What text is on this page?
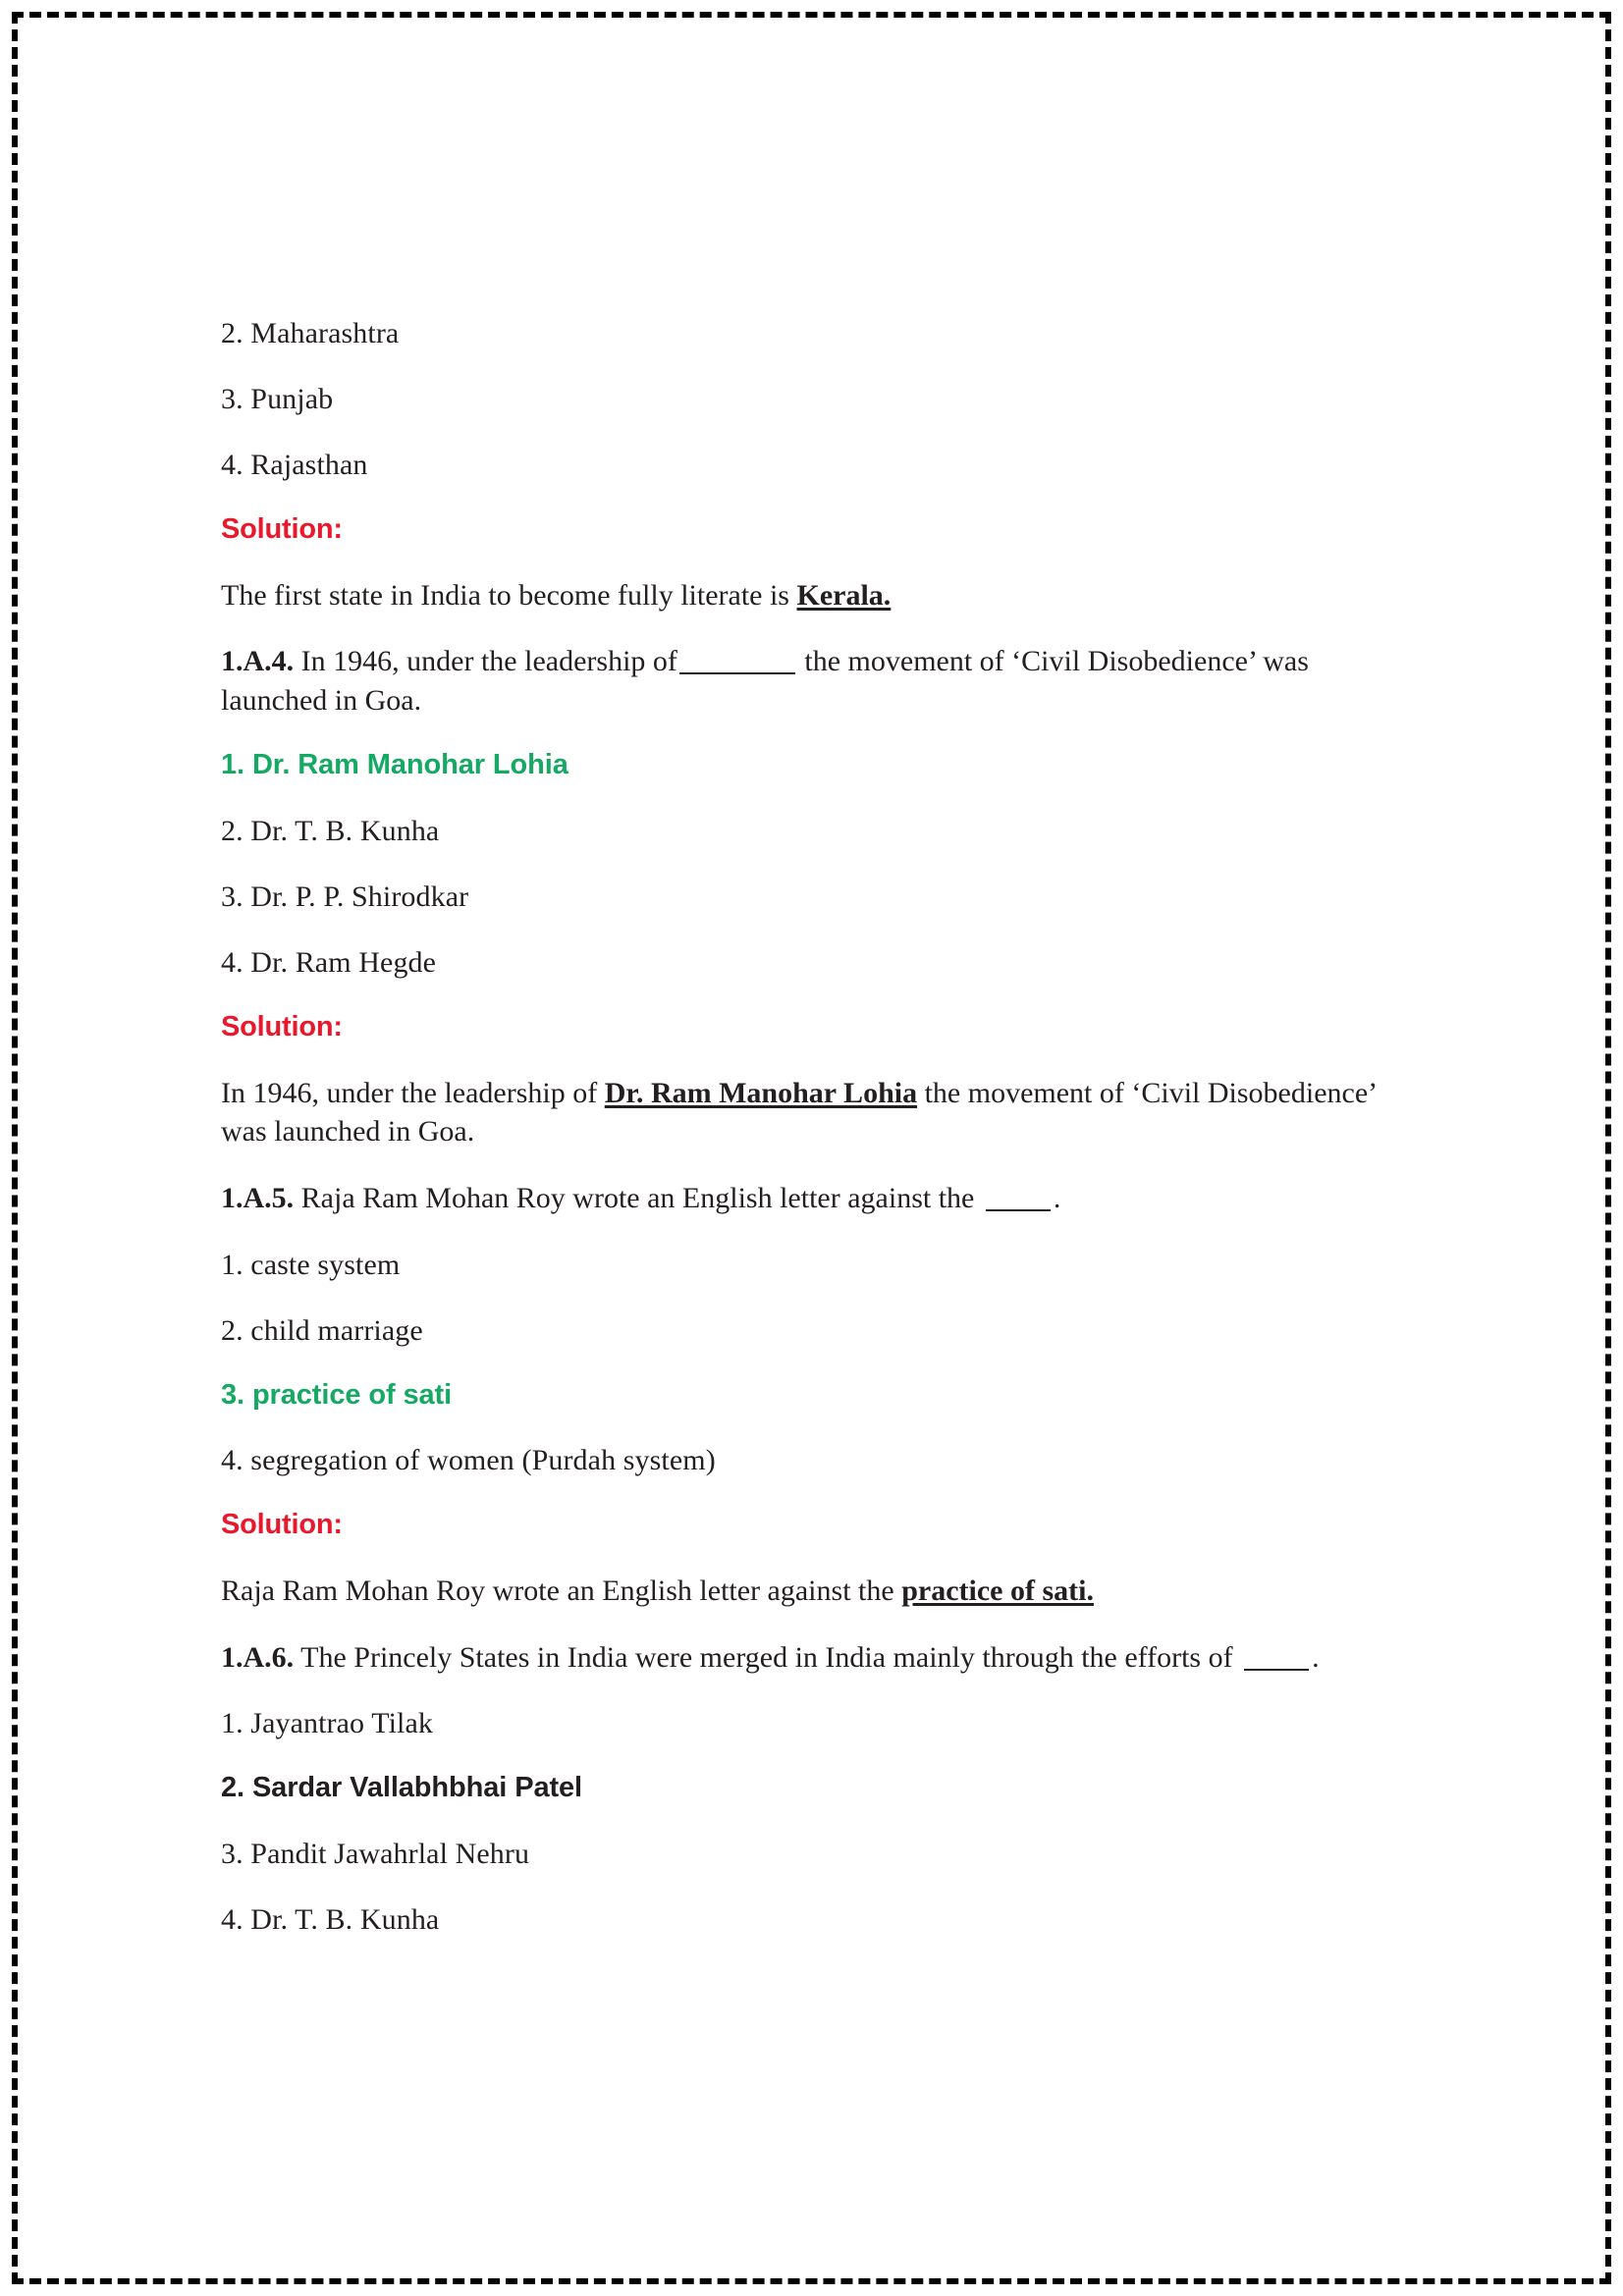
2. Maharashtra

3. Punjab

4. Rajasthan

Solution:

The first state in India to become fully literate is Kerala.

1.A.4. In 1946, under the leadership of	the movement of ‘Civil Disobedience’ was launched in Goa.

1. Dr. Ram Manohar Lohia

2. Dr. T. B. Kunha

3. Dr. P. P. Shirodkar

4. Dr. Ram Hegde

Solution:

In 1946, under the leadership of Dr. Ram Manohar Lohia the movement of ‘Civil Disobedience’ was launched in Goa.

1.A.5. Raja Ram Mohan Roy wrote an English letter against the .

1. caste system

2. child marriage

3. practice of sati

4. segregation of women (Purdah system)

Solution:

Raja Ram Mohan Roy wrote an English letter against the practice of sati.

1.A.6. The Princely States in India were merged in India mainly through the efforts of .

1. Jayantrao Tilak

2. Sardar Vallabhbhai Patel

3. Pandit Jawahrlal Nehru

4. Dr. T. B. Kunha
